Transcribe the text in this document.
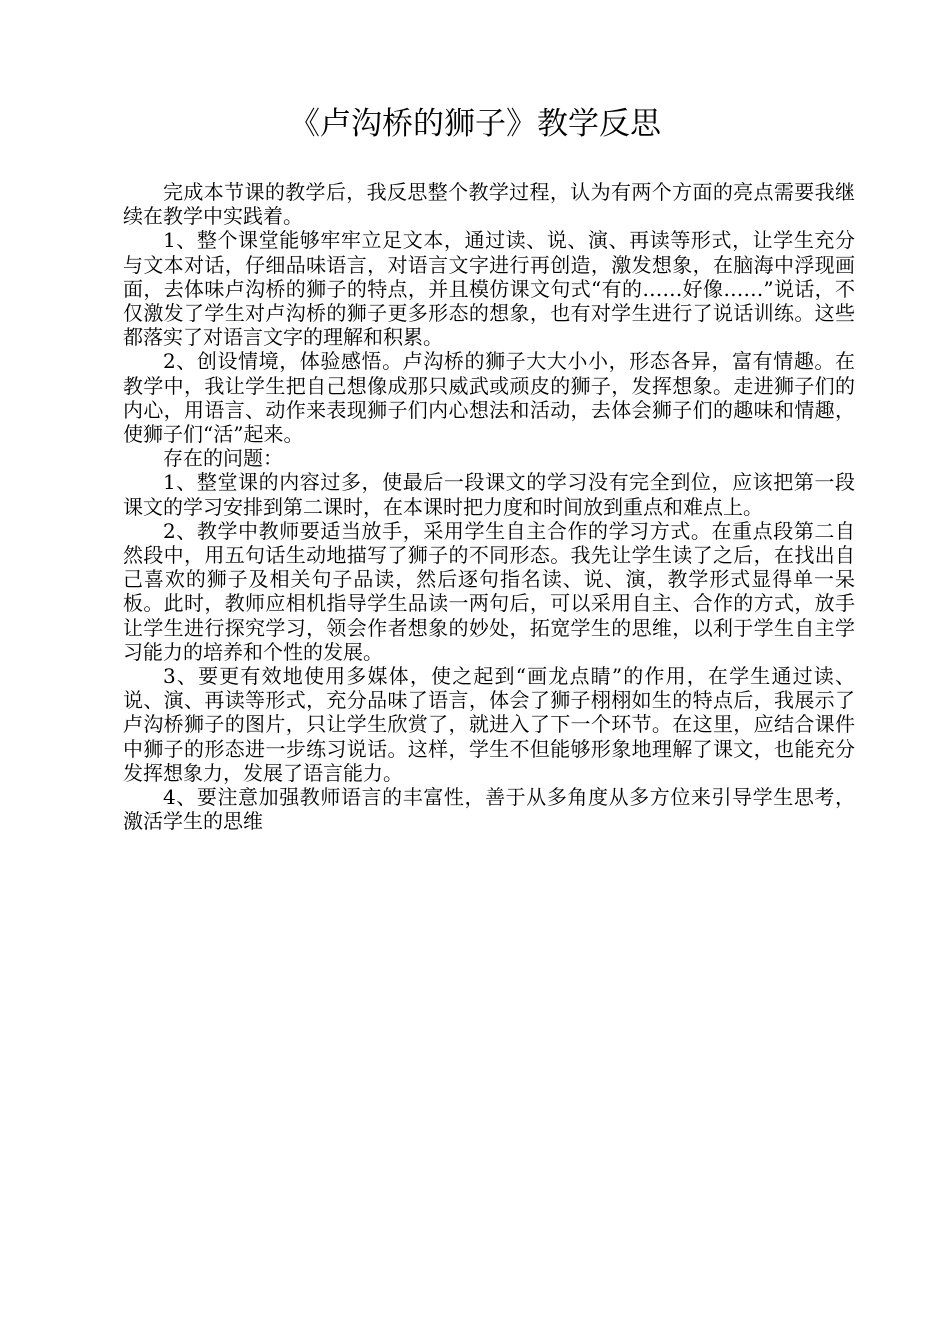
《卢沟桥的狮子》教学反思

完成本节课的教学后，我反思整个教学过程，认为有两个方面的亮点需要我继续在教学中实践着。

1、整个课堂能够牢牢立足文本，通过读、说、演、再读等形式，让学生充分与文本对话，仔细品味语言，对语言文字进行再创造，激发想象，在脑海中浮现画面，去体味卢沟桥的狮子的特点，并且模仿课文句式“有的……好像……”说话，不仅激发了学生对卢沟桥的狮子更多形态的想象，也有对学生进行了说话训练。这些都落实了对语言文字的理解和积累。

2、创设情境，体验感悟。卢沟桥的狮子大大小小，形态各异，富有情趣。在教学中，我让学生把自己想像成那只威武或顽皮的狮子，发挥想象。走进狮子们的内心，用语言、动作来表现狮子们内心想法和活动，去体会狮子们的趣味和情趣，使狮子们“活”起来。

存在的问题：

1、整堂课的内容过多，使最后一段课文的学习没有完全到位，应该把第一段课文的学习安排到第二课时，在本课时把力度和时间放到重点和难点上。

2、教学中教师要适当放手，采用学生自主合作的学习方式。在重点段第二自然段中，用五句话生动地描写了狮子的不同形态。我先让学生读了之后，在找出自己喜欢的狮子及相关句子品读，然后逐句指名读、说、演，教学形式显得单一呆板。此时，教师应相机指导学生品读一两句后，可以采用自主、合作的方式，放手让学生进行探究学习，领会作者想象的妙处，拓宽学生的思维，以利于学生自主学习能力的培养和个性的发展。

3、要更有效地使用多媒体，使之起到“画龙点睛”的作用，在学生通过读、说、演、再读等形式，充分品味了语言，体会了狮子栩栩如生的特点后，我展示了卢沟桥狮子的图片，只让学生欣赏了，就进入了下一个环节。在这里，应结合课件中狮子的形态进一步练习说话。这样，学生不但能够形象地理解了课文，也能充分发挥想象力，发展了语言能力。

4、要注意加强教师语言的丰富性，善于从多角度从多方位来引导学生思考，激活学生的思维
